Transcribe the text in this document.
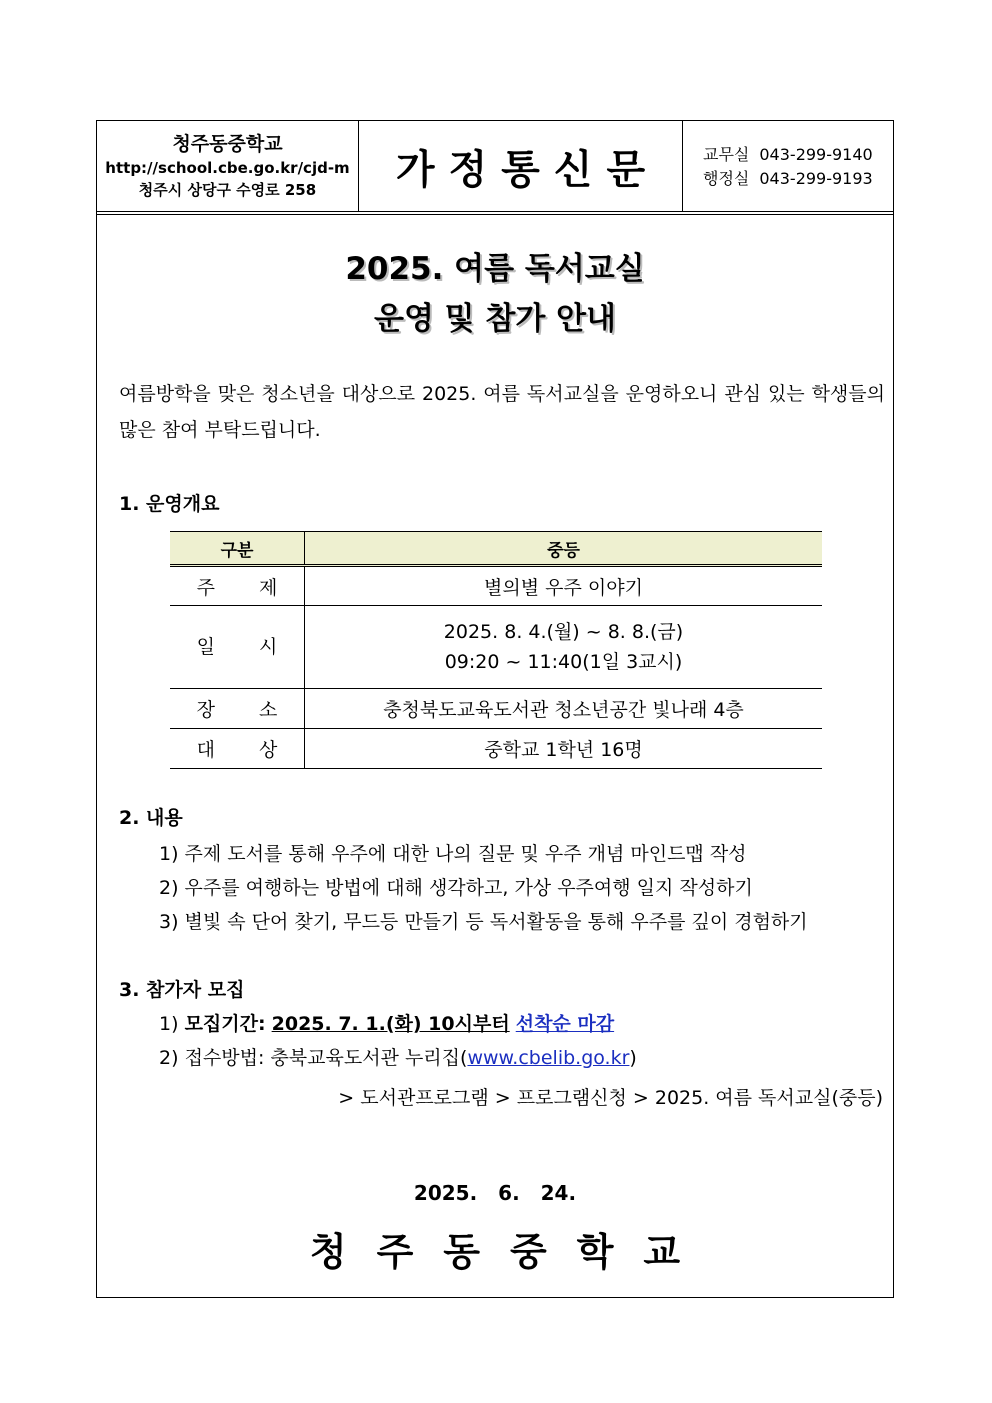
청주동중학교
http://school.cbe.go.kr/cjd-m
청주시 상당구 수영로 258	가정통신문	교무실 043-299-9140
행정실 043-299-9193
2025. 여름 독서교실
운영 및 참가 안내
여름방학을 맞은 청소년을 대상으로 2025. 여름 독서교실을 운영하오니 관심 있는 학생들의 많은 참여 부탁드립니다.
1. 운영개요
구분	중등
주 제	별의별 우주 이야기
일 시	2025. 8. 4.(월) ~ 8. 8.(금)
09:20 ~ 11:40(1일 3교시)

장 소	충청북도교육도서관 청소년공간 빛나래 4층
대 상	중학교 1학년 16명
2. 내용
1) 주제 도서를 통해 우주에 대한 나의 질문 및 우주 개념 마인드맵 작성
2) 우주를 여행하는 방법에 대해 생각하고, 가상 우주여행 일지 작성하기
3) 별빛 속 단어 찾기, 무드등 만들기 등 독서활동을 통해 우주를 깊이 경험하기
3. 참가자 모집
1) 모집기간: 2025. 7. 1.(화) 10시부터 선착순 마감
2) 접수방법: 충북교육도서관 누리집(www.cbelib.go.kr)
> 도서관프로그램 > 프로그램신청 > 2025. 여름 독서교실(중등)
2025. 6. 24.
청주동중학교
